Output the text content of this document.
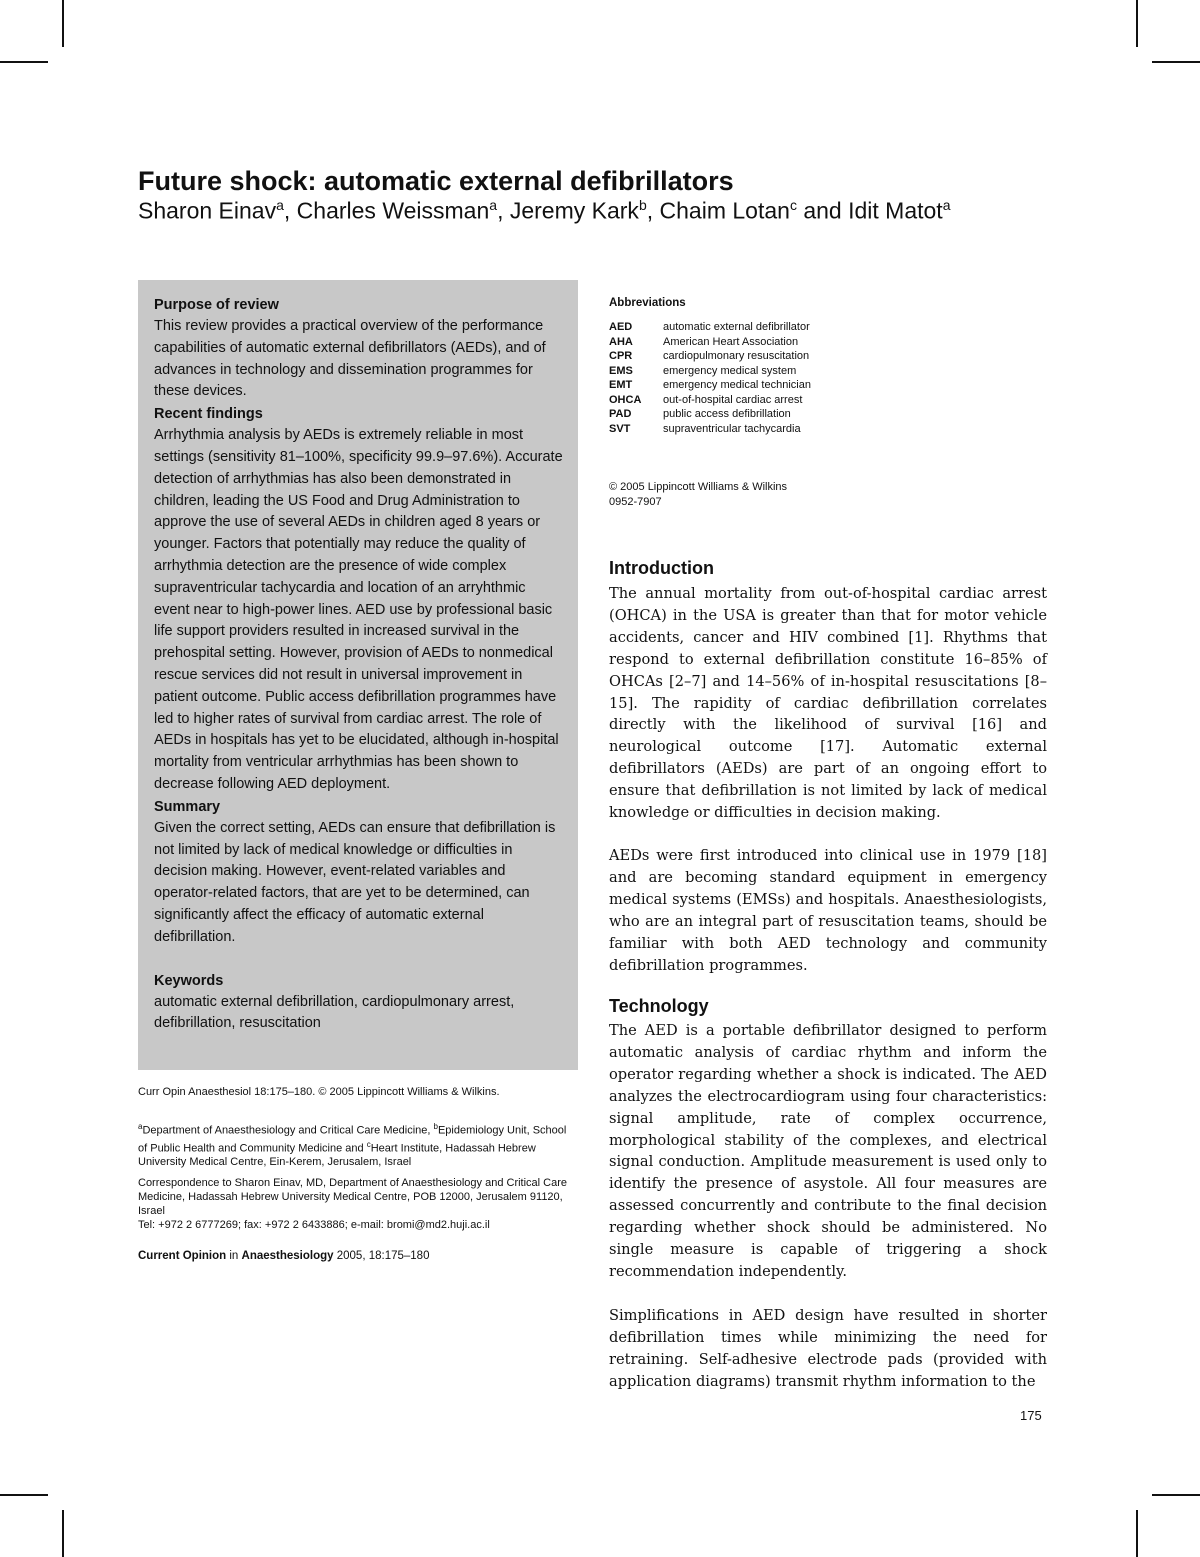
Future shock: automatic external defibrillators
Sharon Einav$^a$, Charles Weissman$^a$, Jeremy Kark$^b$, Chaim Lotan$^c$ and Idit Matot$^a$
Purpose of review
This review provides a practical overview of the performance capabilities of automatic external defibrillators (AEDs), and of advances in technology and dissemination programmes for these devices.
Recent findings
Arrhythmia analysis by AEDs is extremely reliable in most settings (sensitivity 81–100%, specificity 99.9–97.6%). Accurate detection of arrhythmias has also been demonstrated in children, leading the US Food and Drug Administration to approve the use of several AEDs in children aged 8 years or younger. Factors that potentially may reduce the quality of arrhythmia detection are the presence of wide complex supraventricular tachycardia and location of an arryhthmic event near to high-power lines. AED use by professional basic life support providers resulted in increased survival in the prehospital setting. However, provision of AEDs to nonmedical rescue services did not result in universal improvement in patient outcome. Public access defibrillation programmes have led to higher rates of survival from cardiac arrest. The role of AEDs in hospitals has yet to be elucidated, although in-hospital mortality from ventricular arrhythmias has been shown to decrease following AED deployment.
Summary
Given the correct setting, AEDs can ensure that defibrillation is not limited by lack of medical knowledge or difficulties in decision making. However, event-related variables and operator-related factors, that are yet to be determined, can significantly affect the efficacy of automatic external defibrillation.
Keywords
automatic external defibrillation, cardiopulmonary arrest, defibrillation, resuscitation
Curr Opin Anaesthesiol 18:175–180. © 2005 Lippincott Williams & Wilkins.
$^a$Department of Anaesthesiology and Critical Care Medicine, $^b$Epidemiology Unit, School of Public Health and Community Medicine and $^c$Heart Institute, Hadassah Hebrew University Medical Centre, Ein-Kerem, Jerusalem, Israel
Correspondence to Sharon Einav, MD, Department of Anaesthesiology and Critical Care Medicine, Hadassah Hebrew University Medical Centre, POB 12000, Jerusalem 91120, Israel
Tel: +972 2 6777269; fax: +972 2 6433886; e-mail: bromi@md2.huji.ac.il
Current Opinion in Anaesthesiology 2005, 18:175–180
Abbreviations
AED	automatic external defibrillator
AHA	American Heart Association
CPR	cardiopulmonary resuscitation
EMS	emergency medical system
EMT	emergency medical technician
OHCA	out-of-hospital cardiac arrest
PAD	public access defibrillation
SVT	supraventricular tachycardia
© 2005 Lippincott Williams & Wilkins
0952-7907
Introduction

The annual mortality from out-of-hospital cardiac arrest (OHCA) in the USA is greater than that for motor vehicle accidents, cancer and HIV combined [1]. Rhythms that respond to external defibrillation constitute 16–85% of OHCAs [2–7] and 14–56% of in-hospital resuscitations [8–15]. The rapidity of cardiac defibrillation correlates directly with the likelihood of survival [16] and neurological outcome [17]. Automatic external defibrillators (AEDs) are part of an ongoing effort to ensure that defibrillation is not limited by lack of medical knowledge or difficulties in decision making.

AEDs were first introduced into clinical use in 1979 [18] and are becoming standard equipment in emergency medical systems (EMSs) and hospitals. Anaesthesiologists, who are an integral part of resuscitation teams, should be familiar with both AED technology and community defibrillation programmes.

Technology

The AED is a portable defibrillator designed to perform automatic analysis of cardiac rhythm and inform the operator regarding whether a shock is indicated. The AED analyzes the electrocardiogram using four characteristics: signal amplitude, rate of complex occurrence, morphological stability of the complexes, and electrical signal conduction. Amplitude measurement is used only to identify the presence of asystole. All four measures are assessed concurrently and contribute to the final decision regarding whether shock should be administered. No single measure is capable of triggering a shock recommendation independently.

Simplifications in AED design have resulted in shorter defibrillation times while minimizing the need for retraining. Self-adhesive electrode pads (provided with application diagrams) transmit rhythm information to the

175
